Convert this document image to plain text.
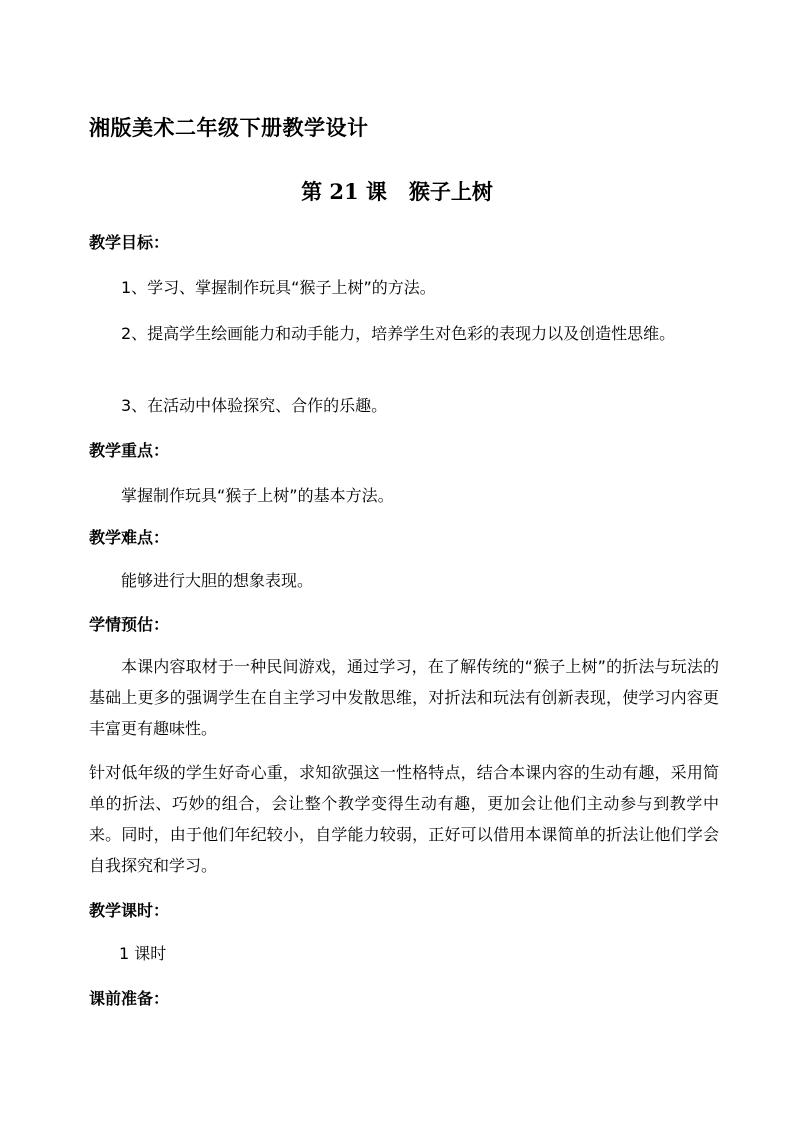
湘版美术二年级下册教学设计
第 21 课 猴子上树
教学目标：
1、学习、掌握制作玩具“猴子上树”的方法。
2、提高学生绘画能力和动手能力，培养学生对色彩的表现力以及创造性思维。
3、在活动中体验探究、合作的乐趣。
教学重点：
掌握制作玩具“猴子上树”的基本方法。
教学难点：
能够进行大胆的想象表现。
学情预估：
本课内容取材于一种民间游戏，通过学习，在了解传统的“猴子上树”的折法与玩法的基础上更多的强调学生在自主学习中发散思维，对折法和玩法有创新表现，使学习内容更丰富更有趣味性。
针对低年级的学生好奇心重，求知欲强这一性格特点，结合本课内容的生动有趣，采用简单的折法、巧妙的组合，会让整个教学变得生动有趣，更加会让他们主动参与到教学中来。同时，由于他们年纪较小，自学能力较弱，正好可以借用本课简单的折法让他们学会自我探究和学习。
教学课时：
1 课时
课前准备：
